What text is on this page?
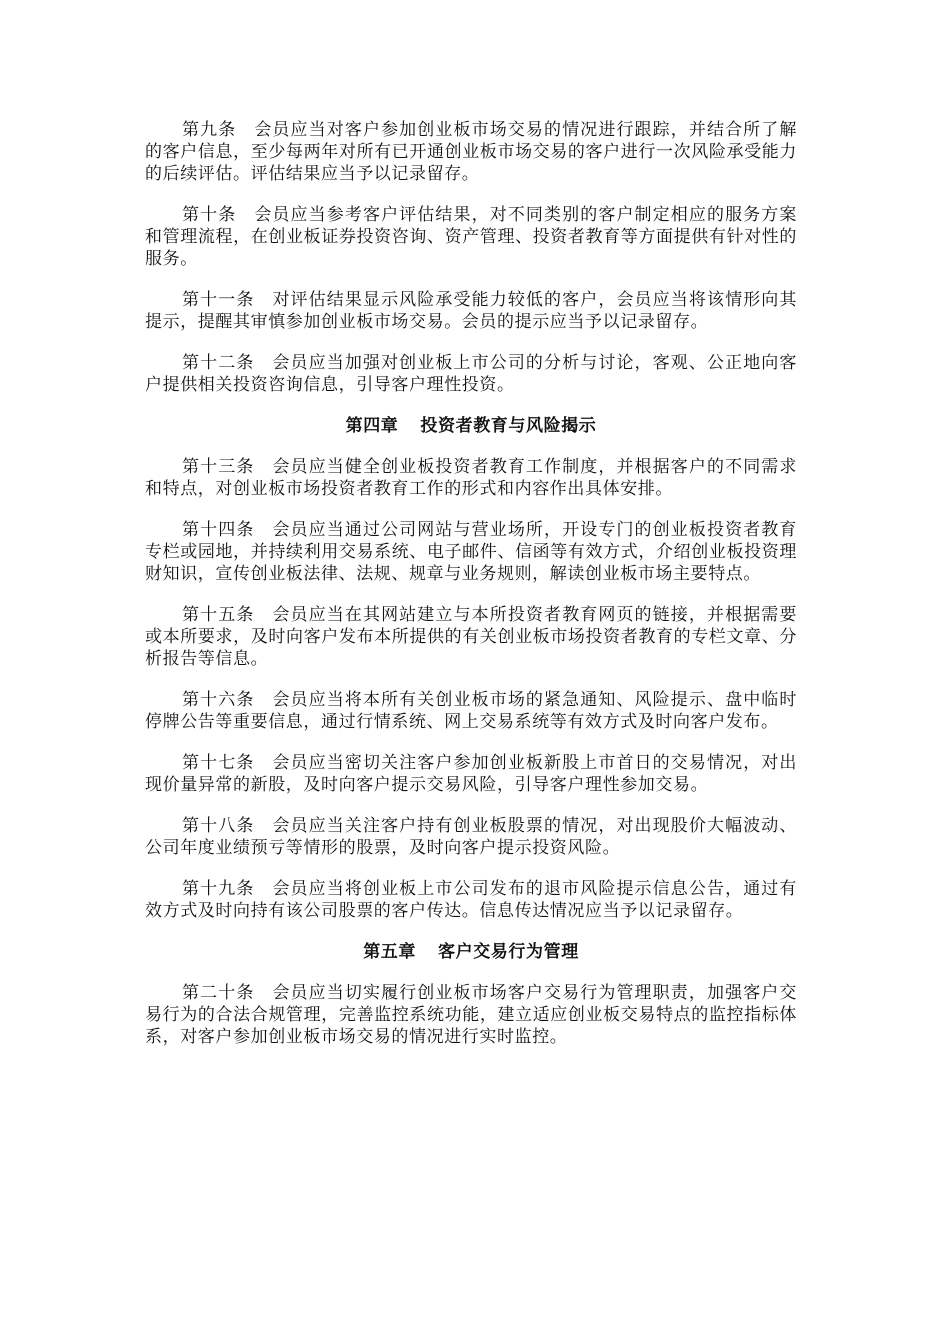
第九条 会员应当对客户参加创业板市场交易的情况进行跟踪，并结合所了解的客户信息，至少每两年对所有已开通创业板市场交易的客户进行一次风险承受能力的后续评估。评估结果应当予以记录留存。

第十条 会员应当参考客户评估结果，对不同类别的客户制定相应的服务方案和管理流程，在创业板证券投资咨询、资产管理、投资者教育等方面提供有针对性的服务。

第十一条 对评估结果显示风险承受能力较低的客户，会员应当将该情形向其提示，提醒其审慎参加创业板市场交易。会员的提示应当予以记录留存。

第十二条 会员应当加强对创业板上市公司的分析与讨论，客观、公正地向客户提供相关投资咨询信息，引导客户理性投资。

第四章 投资者教育与风险揭示

第十三条 会员应当健全创业板投资者教育工作制度，并根据客户的不同需求和特点，对创业板市场投资者教育工作的形式和内容作出具体安排。

第十四条 会员应当通过公司网站与营业场所，开设专门的创业板投资者教育专栏或园地，并持续利用交易系统、电子邮件、信函等有效方式，介绍创业板投资理财知识，宣传创业板法律、法规、规章与业务规则，解读创业板市场主要特点。

第十五条 会员应当在其网站建立与本所投资者教育网页的链接，并根据需要或本所要求，及时向客户发布本所提供的有关创业板市场投资者教育的专栏文章、分析报告等信息。

第十六条 会员应当将本所有关创业板市场的紧急通知、风险提示、盘中临时停牌公告等重要信息，通过行情系统、网上交易系统等有效方式及时向客户发布。

第十七条 会员应当密切关注客户参加创业板新股上市首日的交易情况，对出现价量异常的新股，及时向客户提示交易风险，引导客户理性参加交易。

第十八条 会员应当关注客户持有创业板股票的情况，对出现股价大幅波动、公司年度业绩预亏等情形的股票，及时向客户提示投资风险。

第十九条 会员应当将创业板上市公司发布的退市风险提示信息公告，通过有效方式及时向持有该公司股票的客户传达。信息传达情况应当予以记录留存。

第五章 客户交易行为管理

第二十条 会员应当切实履行创业板市场客户交易行为管理职责，加强客户交易行为的合法合规管理，完善监控系统功能，建立适应创业板交易特点的监控指标体系，对客户参加创业板市场交易的情况进行实时监控。
